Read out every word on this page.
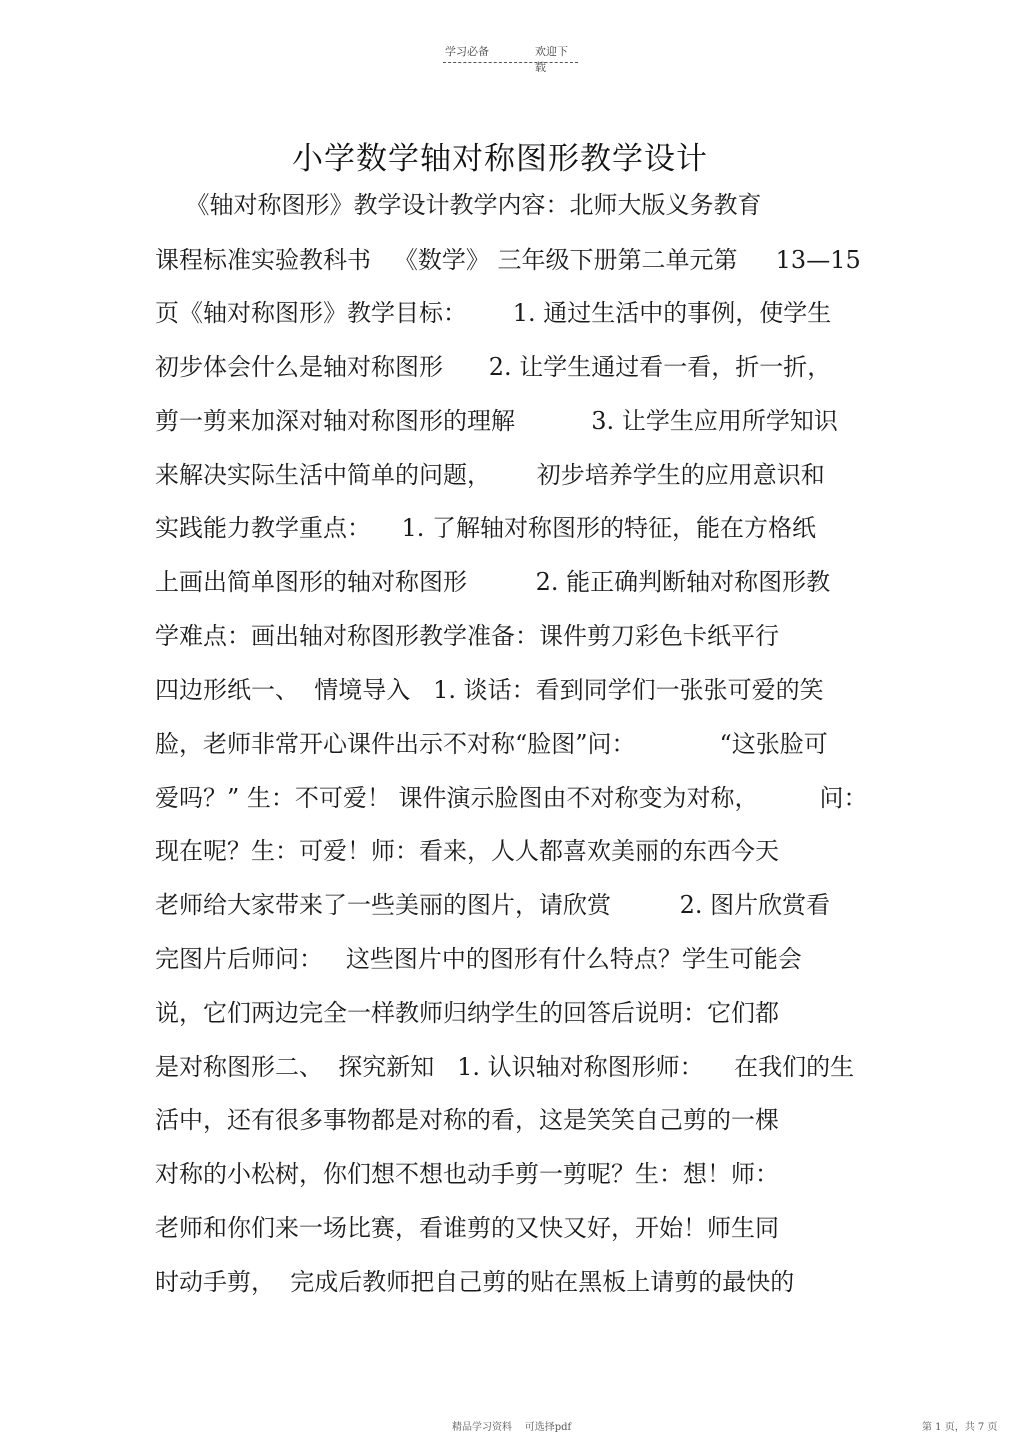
学习必备	欢迎下载
小学数学轴对称图形教学设计
《轴对称图形》教学设计教学内容：北师大版义务教育
课程标准实验教科书   《数学》 三年级下册第二单元第     13—15
页《轴对称图形》教学目标：      1. 通过生活中的事例，使学生
初步体会什么是轴对称图形      2. 让学生通过看一看，折一折，
剪一剪来加深对轴对称图形的理解          3. 让学生应用所学知识
来解决实际生活中简单的问题，      初步培养学生的应用意识和
实践能力教学重点：    1. 了解轴对称图形的特征，能在方格纸
上画出简单图形的轴对称图形         2. 能正确判断轴对称图形教
学难点：画出轴对称图形教学准备：课件剪刀彩色卡纸平行
四边形纸一、  情境导入   1. 谈话：看到同学们一张张可爱的笑
脸，老师非常开心课件出示不对称“脸图”问：           “这张脸可
爱吗？” 生：不可爱！ 课件演示脸图由不对称变为对称，        问：
现在呢？生：可爱！师：看来，人人都喜欢美丽的东西今天
老师给大家带来了一些美丽的图片，请欣赏         2. 图片欣赏看
完图片后师问：   这些图片中的图形有什么特点？学生可能会
说，它们两边完全一样教师归纳学生的回答后说明：它们都
是对称图形二、  探究新知   1. 认识轴对称图形师：    在我们的生
活中，还有很多事物都是对称的看，这是笑笑自己剪的一棵
对称的小松树，你们想不想也动手剪一剪呢？生：想！师：
老师和你们来一场比赛，看谁剪的又快又好，开始！师生同
时动手剪，  完成后教师把自己剪的贴在黑板上请剪的最快的
精品学习资料    可选择pdf	第 1 页，共 7 页
